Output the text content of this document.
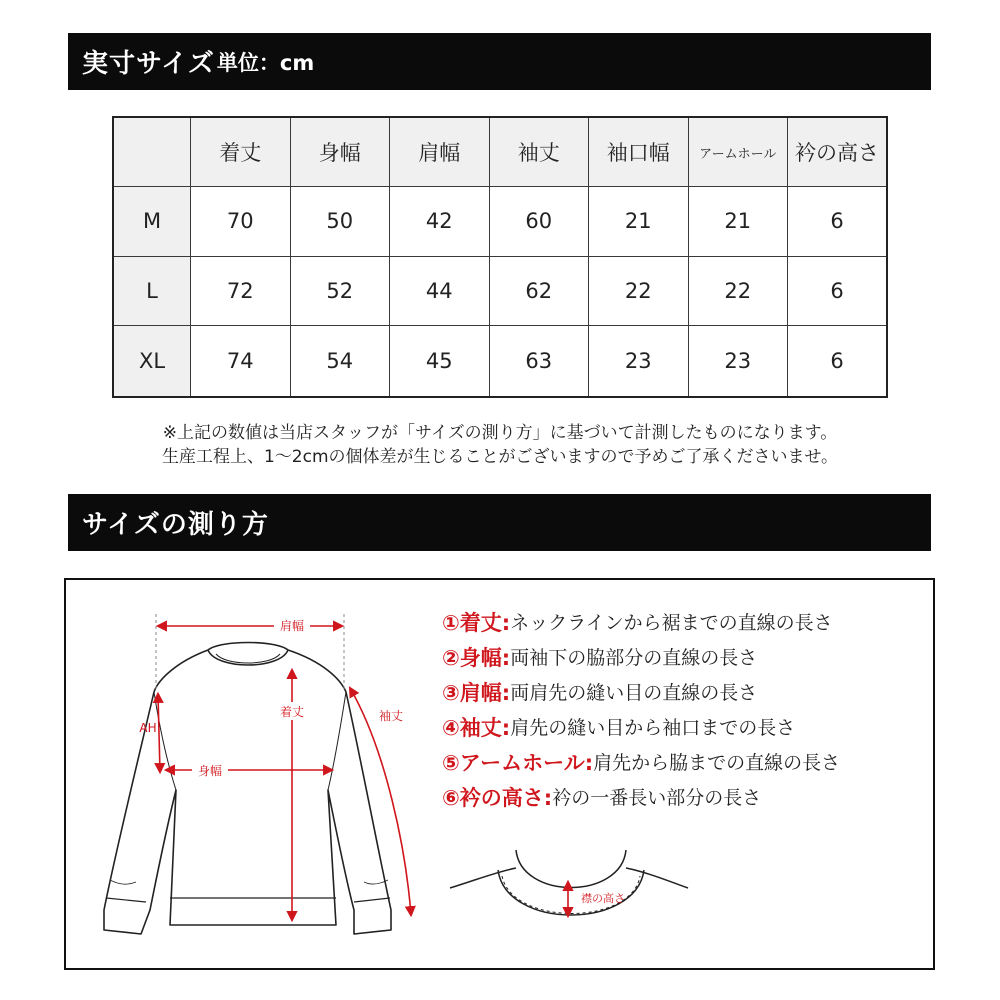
実寸サイズ 単位：cm
	着丈	身幅	肩幅	袖丈	袖口幅	アームホール	衿の高さ
M	70	50	42	60	21	21	6
L	72	52	44	62	22	22	6
XL	74	54	45	63	23	23	6
※上記の数値は当店スタッフが「サイズの測り方」に基づいて計測したものになります。
生産工程上、1〜2cmの個体差が生じることがございますので予めご了承くださいませ。
サイズの測り方
肩幅
着丈	袖丈
AH
身幅
襟の高さ
①着丈: ネックラインから裾までの直線の長さ
②身幅: 両袖下の脇部分の直線の長さ
③肩幅: 両肩先の縫い目の直線の長さ
④袖丈: 肩先の縫い目から袖口までの長さ
⑤アームホール: 肩先から脇までの直線の長さ
⑥衿の高さ: 衿の一番長い部分の長さ
